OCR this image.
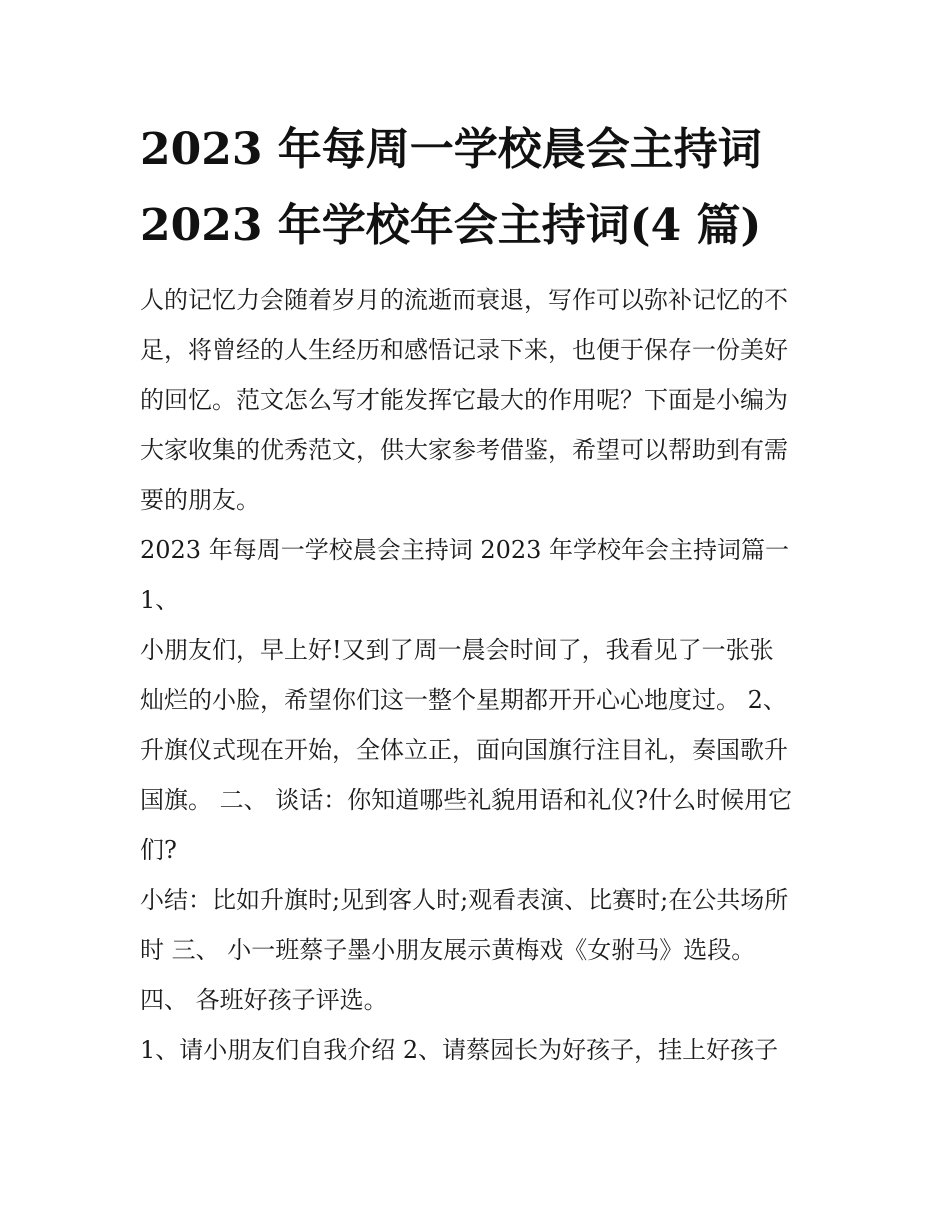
2023 年每周一学校晨会主持词
2023 年学校年会主持词(4 篇)
人的记忆力会随着岁月的流逝而衰退，写作可以弥补记忆的不
足，将曾经的人生经历和感悟记录下来，也便于保存一份美好
的回忆。范文怎么写才能发挥它最大的作用呢？下面是小编为
大家收集的优秀范文，供大家参考借鉴，希望可以帮助到有需
要的朋友。
2023 年每周一学校晨会主持词 2023 年学校年会主持词篇一
1、
小朋友们，早上好!又到了周一晨会时间了，我看见了一张张
灿烂的小脸，希望你们这一整个星期都开开心心地度过。 2、
升旗仪式现在开始，全体立正，面向国旗行注目礼，奏国歌升
国旗。 二、 谈话：你知道哪些礼貌用语和礼仪?什么时候用它
们?
小结：比如升旗时;见到客人时;观看表演、比赛时;在公共场所
时 三、 小一班蔡子墨小朋友展示黄梅戏《女驸马》选段。
四、 各班好孩子评选。
1、请小朋友们自我介绍 2、请蔡园长为好孩子，挂上好孩子
